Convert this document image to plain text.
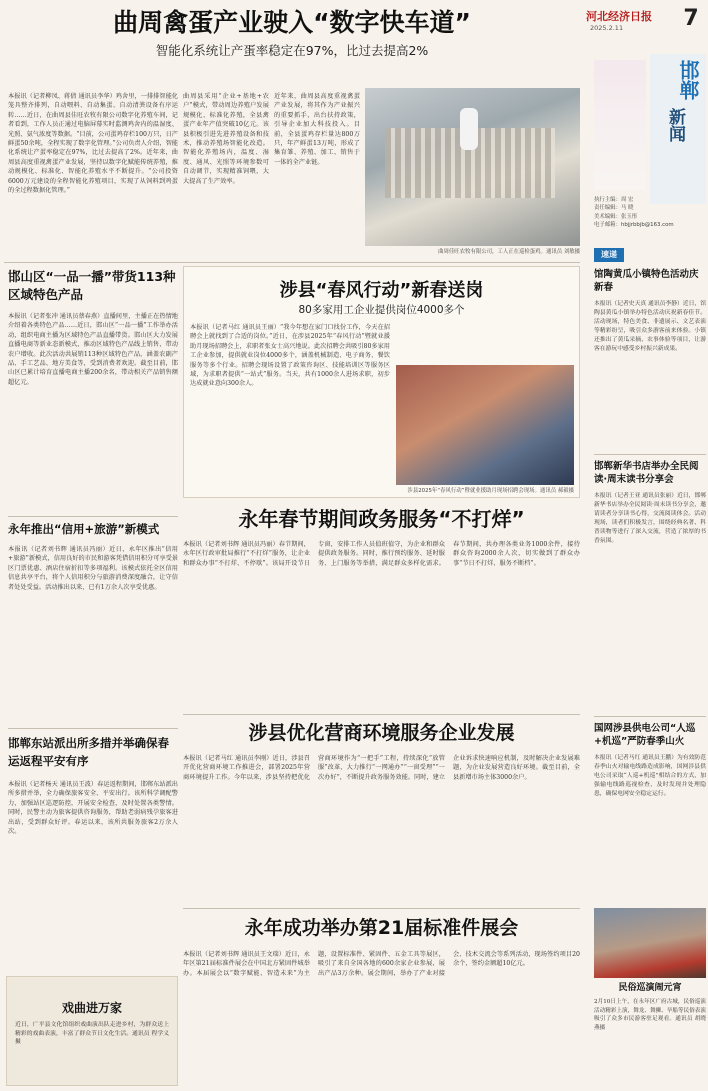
曲周禽蛋产业驶入“数字快车道”
智能化系统让产蛋率稳定在97%，比过去提高2%
本报讯（记者柳凤、蒋倩 通讯员李华）鸡舍里，一排排智能化笼具整齐排列，自动喂料、自动集蛋、自动清粪设备有序运转……近日，在曲周县佳旺农牧有限公司数字化养殖车间，记者看到，工作人员正通过电脑屏幕实时监测鸡舍内的温湿度、光照、氨气浓度等数据。“目前，公司蛋鸡存栏100万只，日产鲜蛋50余吨，全程实现了数字化管理。”公司负责人介绍，智能化系统让产蛋率稳定在97%，比过去提高了2%。近年来，曲周县高度重视禽蛋产业发展，坚持以数字化赋能传统养殖，推动规模化、标准化、智能化养殖水平不断提升。“公司投资6000万元建设的全程智能化养殖项目，实现了从饲料到鸡蛋的全过程数据化管理。”
曲周县采用“企业+基地+农户”模式，带动周边养殖户发展规模化、标准化养殖，全县禽蛋产业年产值突破10亿元。该县积极引进先进养殖设备和技术，推动养殖场智能化改造。智能化养殖场内，温度、湿度、通风、光照等环境参数可自动调节，实现精准饲喂，大大提高了生产效率。
近年来，曲周县高度重视禽蛋产业发展，将其作为产业振兴的重要抓手，出台扶持政策，引导企业加大科技投入。目前，全县蛋鸡存栏量达800万只，年产鲜蛋13万吨，形成了集育雏、养殖、加工、销售于一体的全产业链。
曲周佳旺农牧有限公司，工人正在巡检蛋鸡。通讯员 刘敏摄
邯山区“一品一播”带货113种区域特色产品
本报讯（记者张冲 通讯员蔡春燕）直播间里，主播正在热情地介绍着各类特色产品……近日，邯山区“一品一播”工作举办活动，组织电商主播为区域特色产品直播带货。邯山区大力发展直播电商等新业态新模式，推动区域特色产品线上销售，带动农户增收。此次活动共展销113种区域特色产品，涵盖农副产品、手工艺品、地方美食等，受到消费者欢迎。截至目前，邯山区已累计培育直播电商主播200余名，带动相关产品销售额超亿元。
永年推出“信用+旅游”新模式
本报讯（记者刘书辉 通讯员冯丽）近日，永年区推出“信用+旅游”新模式，信用良好的市民和游客凭借信用积分可享受景区门票优惠、酒店住宿折扣等多项福利。该模式依托全区信用信息共享平台，将个人信用积分与旅游消费深度融合，让守信者处处受益。活动推出以来，已有1万余人次享受优惠。
邯郸东站派出所多措并举确保春运返程平安有序
本报讯（记者杨天 通讯员王波）春运返程期间，邯郸东站派出所多措并举，全力确保旅客安全、平安出行。该所科学调配警力，加强站区巡逻防控，开展安全检查，及时处置各类警情。同时，民警主动为旅客提供咨询服务，帮助老弱病残孕旅客进出站，受到群众好评。春运以来，该所共服务旅客2万余人次。
戏曲进万家
近日，广平县文化馆组织戏曲演出队走进乡村，为群众送上精彩的戏曲表演，丰富了群众节日文化生活。通讯员 程学义摄
涉县“春风行动”新春送岗
80多家用工企业提供岗位4000多个
本报讯（记者马红 通讯员王丽）“我今年想在家门口找份工作，今天在招聘会上就找到了合适的岗位。”近日，在涉县2025年“春风行动”暨就业援助月现场招聘会上，求职者张女士高兴地说。此次招聘会共吸引80多家用工企业参加，提供就业岗位4000多个，涵盖机械制造、电子商务、餐饮服务等多个行业。招聘会现场设置了政策咨询区、技能培训区等服务区域，为求职者提供“一站式”服务。当天，共有1000余人进场求职，初步达成就业意向300余人。
涉县2025年“春风行动”暨就业援助月现场招聘会现场。通讯员 郝毅摄
永年春节期间政务服务“不打烊”
本报讯（记者刘书辉 通讯员冯丽）春节期间，永年区行政审批局推行“不打烊”服务，让企业和群众办事“不打烊、不停歇”。该局开设节日专窗，安排工作人员值班值守，为企业和群众提供政务服务。同时，推行预约服务、延时服务、上门服务等举措，满足群众多样化需求。春节期间，共办理各类业务1000余件，接待群众咨询2000余人次，切实做到了群众办事“节日不打烊、服务不断档”。
涉县优化营商环境服务企业发展
本报讯（记者马红 通讯员李刚）近日，涉县召开优化营商环境工作推进会，部署2025年营商环境提升工作。今年以来，涉县坚持把优化营商环境作为“一把手”工程，持续深化“放管服”改革，大力推行“一网通办”“一窗受理”“一次办好”，不断提升政务服务效能。同时，建立企业诉求快速响应机制，及时解决企业发展难题，为企业发展营造良好环境。截至目前，全县新增市场主体3000余户。
永年成功举办第21届标准件展会
本报讯（记者刘书辉 通讯员王文瑞）近日，永年区第21届标准件展会在中国北方紧固件城举办。本届展会以“数字赋能、智造未来”为主题，设置标准件、紧固件、五金工具等展区，吸引了来自全国各地的600余家企业参展，展出产品3万余种。展会期间，举办了产业对接会、技术交流会等系列活动，现场签约项目20余个，签约金额超10亿元。
河北经济日报
2025.2.11	7
邯郸
新闻
执行主编：周 宏
责任编辑：马 晓
美术编辑：张玉彤
电子邮箱：hbjjrbbjb@163.com
速递
馆陶黄瓜小镇特色活动庆新春
本报讯（记者史天真 通讯员李静）近日，馆陶县黄瓜小镇举办特色活动庆祝新春佳节。活动现场，特色美食、非遗展示、文艺表演等精彩纷呈，吸引众多游客前来体验。小镇还推出了黄瓜采摘、农事体验等项目，让游客在游玩中感受乡村振兴新成果。
邯郸新华书店举办全民阅读·周末读书分享会
本报讯（记者王亚 通讯员张丽）近日，邯郸新华书店举办全民阅读·周末读书分享会，邀请读者分享读书心得，交流阅读体会。活动现场，读者们积极发言，围绕经典名著、科普读物等进行了深入交流，营造了浓厚的书香氛围。
国网涉县供电公司“人巡+机巡”严防春季山火
本报讯（记者马红 通讯员王鹏）为有效防范春季山火对输电线路造成影响，国网涉县供电公司采取“人巡+机巡”相结合的方式，加强输电线路巡视检查，及时发现并处理隐患，确保电网安全稳定运行。
民俗巡演闹元宵
2月10日上午，在永年区广府古城，民俗巡演活动精彩上演，舞龙、舞狮、旱船等民俗表演吸引了众多市民游客驻足观看。通讯员 胡晓燕摄
